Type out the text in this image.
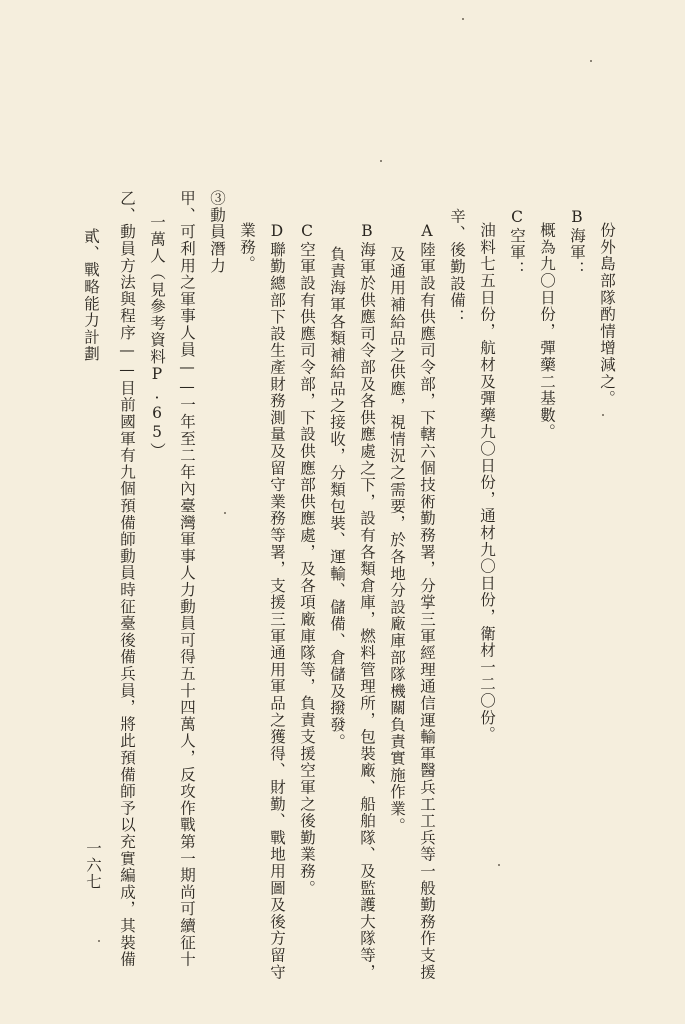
份外島部隊酌情增減之。
B海軍：
概為九〇日份，彈藥二基數。
C空軍：
油料七五日份，航材及彈藥九〇日份，通材九〇日份，衛材一二〇份。
辛、後勤設備：
A陸軍設有供應司令部，下轄六個技術勤務署，分掌三軍經理通信運輸軍醫兵工工兵等一般勤務作支援
及通用補給品之供應，視情況之需要，於各地分設廠庫部隊機關負責實施作業。
B海軍於供應司令部及各供應處之下，設有各類倉庫，燃料管理所，包裝廠、船舶隊、及監護大隊等，
負責海軍各類補給品之接收，分類包裝、運輸、儲備、倉儲及撥發。
C空軍設有供應司令部，下設供應部供應處，及各項廠庫隊等，負責支援空軍之後勤業務。
D聯勤總部下設生產財務測量及留守業務等署，支援三軍通用軍品之獲得、財勤、戰地用圖及後方留守
業務。
③動員潛力
甲、可利用之軍事人員——一年至二年內臺灣軍事人力動員可得五十四萬人，反攻作戰第一期尚可續征十
一萬人（見參考資料P.65）
乙、動員方法與程序——目前國軍有九個預備師動員時征臺後備兵員，將此預備師予以充實編成，其裝備
貳、戰略能力計劃
一六七
